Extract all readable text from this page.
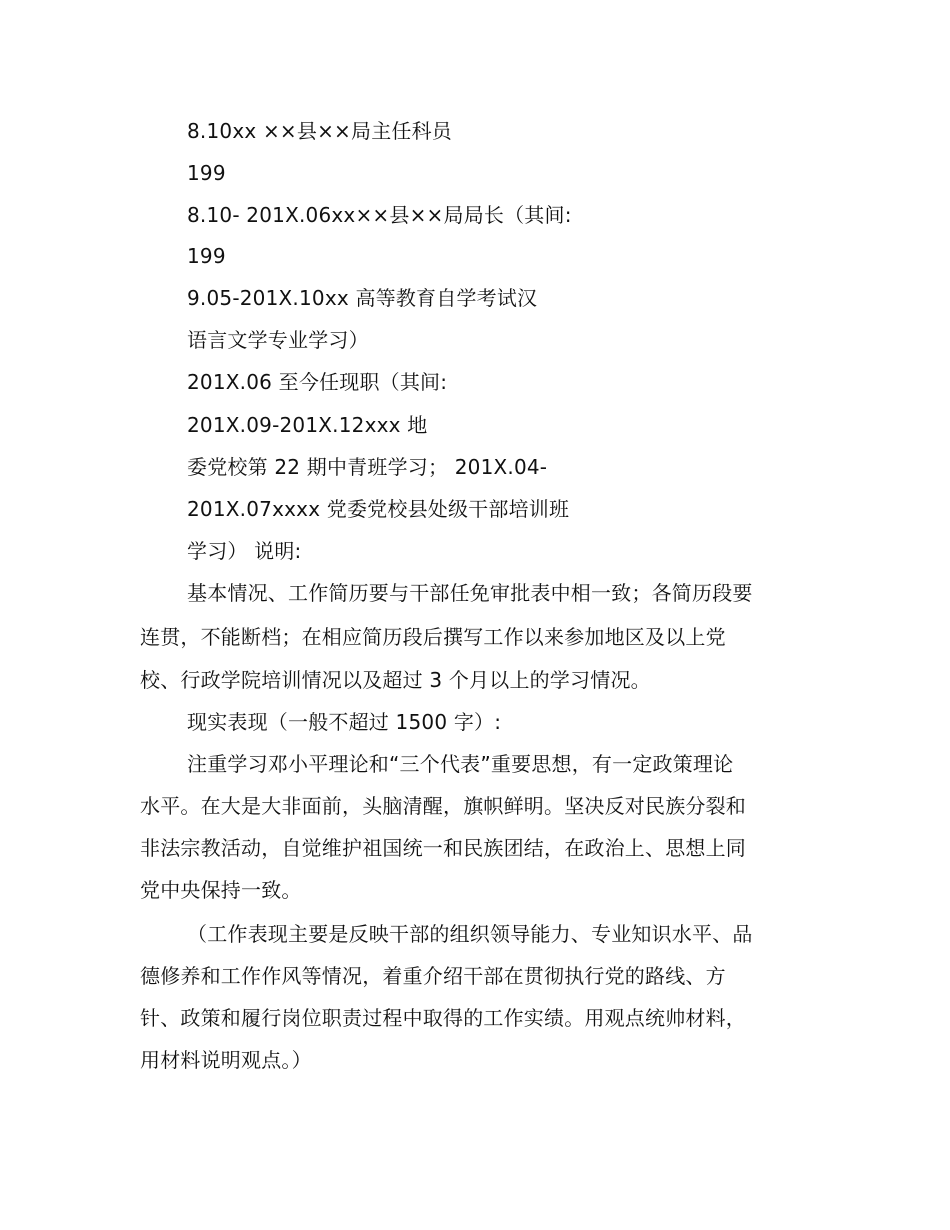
8.10xx ××县××局主任科员
199
8.10- 201X.06xx××县××局局长（其间:
199
9.05-201X.10xx 高等教育自学考试汉
语言文学专业学习）
201X.06 至今任现职（其间:
201X.09-201X.12xxx 地
委党校第 22 期中青班学习； 201X.04-
201X.07xxxx 党委党校县处级干部培训班
学习） 说明:
基本情况、工作简历要与干部任免审批表中相一致；各简历段要
连贯，不能断档；在相应简历段后撰写工作以来参加地区及以上党
校、行政学院培训情况以及超过 3 个月以上的学习情况。
现实表现（一般不超过 1500 字）:
注重学习邓小平理论和“三个代表”重要思想，有一定政策理论
水平。在大是大非面前，头脑清醒，旗帜鲜明。坚决反对民族分裂和
非法宗教活动，自觉维护祖国统一和民族团结，在政治上、思想上同
党中央保持一致。
（工作表现主要是反映干部的组织领导能力、专业知识水平、品
德修养和工作作风等情况，着重介绍干部在贯彻执行党的路线、方
针、政策和履行岗位职责过程中取得的工作实绩。用观点统帅材料，
用材料说明观点。）
